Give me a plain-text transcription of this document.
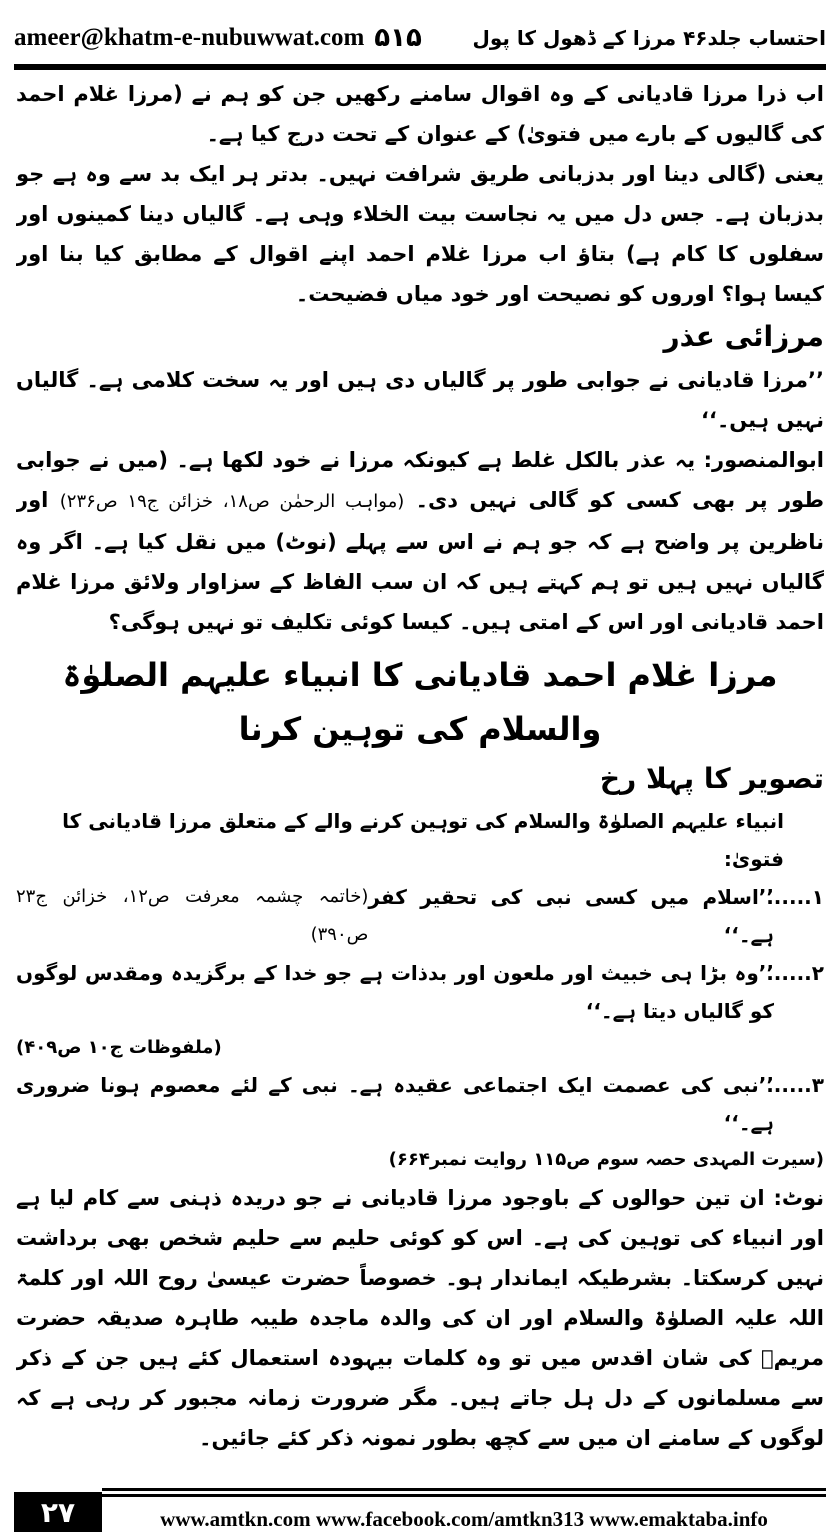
ameer@khatm-e-nubuwwat.com ۵۱۵	احتساب جلد۴۶ مرزا کے ڈھول کا پول

اب ذرا مرزا قادیانی کے وہ اقوال سامنے رکھیں جن کو ہم نے (مرزا غلام احمد کی گالیوں کے بارے میں فتویٰ) کے عنوان کے تحت درج کیا ہے۔

یعنی (گالی دینا اور بدزبانی طریق شرافت نہیں۔ بدتر ہر ایک بد سے وہ ہے جو بدزبان ہے۔ جس دل میں یہ نجاست بیت الخلاء وہی ہے۔ گالیاں دینا کمینوں اور سفلوں کا کام ہے) بتاؤ اب مرزا غلام احمد اپنے اقوال کے مطابق کیا بنا اور کیسا ہوا؟ اوروں کو نصیحت اور خود میاں فضیحت۔

مرزائی عذر

’’مرزا قادیانی نے جوابی طور پر گالیاں دی ہیں اور یہ سخت کلامی ہے۔ گالیاں نہیں ہیں۔‘‘

ابوالمنصور: یہ عذر بالکل غلط ہے کیونکہ مرزا نے خود لکھا ہے۔ (میں نے جوابی طور پر بھی کسی کو گالی نہیں دی۔ (مواہب الرحمٰن ص۱۸، خزائن ج۱۹ ص۲۳۶) اور ناظرین پر واضح ہے کہ جو ہم نے اس سے پہلے (نوٹ) میں نقل کیا ہے۔ اگر وہ گالیاں نہیں ہیں تو ہم کہتے ہیں کہ ان سب الفاظ کے سزاوار ولائق مرزا غلام احمد قادیانی اور اس کے امتی ہیں۔ کیسا کوئی تکلیف تو نہیں ہوگی؟

مرزا غلام احمد قادیانی کا انبیاء علیہم الصلوٰۃ والسلام کی توہین کرنا

تصویر کا پہلا رخ

انبیاء علیہم الصلوٰۃ والسلام کی توہین کرنے والے کے متعلق مرزا قادیانی کا فتویٰ:

۱......
’’اسلام میں کسی نبی کی تحقیر کفر ہے۔‘‘
(خاتمہ چشمہ معرفت ص۱۲، خزائن ج۲۳ ص۳۹۰)
۲......
’’وہ بڑا ہی خبیث اور ملعون اور بدذات ہے جو خدا کے برگزیدہ ومقدس لوگوں کو گالیاں دیتا ہے۔‘‘
(ملفوظات ج۱۰ ص۴۰۹)
۳......
’’نبی کی عصمت ایک اجتماعی عقیدہ ہے۔ نبی کے لئے معصوم ہونا ضروری ہے۔‘‘
(سیرت المہدی حصہ سوم ص۱۱۵ روایت نمبر۶۶۴)

نوٹ: ان تین حوالوں کے باوجود مرزا قادیانی نے جو دریدہ ذہنی سے کام لیا ہے اور انبیاء کی توہین کی ہے۔ اس کو کوئی حلیم سے حلیم شخص بھی برداشت نہیں کرسکتا۔ بشرطیکہ ایماندار ہو۔ خصوصاً حضرت عیسیٰ روح اللہ اور کلمۃ اللہ علیہ الصلوٰۃ والسلام اور ان کی والدہ ماجدہ طیبہ طاہرہ صدیقہ حضرت مریمؑ کی شان اقدس میں تو وہ کلمات بیہودہ استعمال کئے ہیں جن کے ذکر سے مسلمانوں کے دل ہل جاتے ہیں۔ مگر ضرورت زمانہ مجبور کر رہی ہے کہ لوگوں کے سامنے ان میں سے کچھ بطور نمونہ ذکر کئے جائیں۔

۲۷	www.amtkn.com www.facebook.com/amtkn313 www.emaktaba.info
